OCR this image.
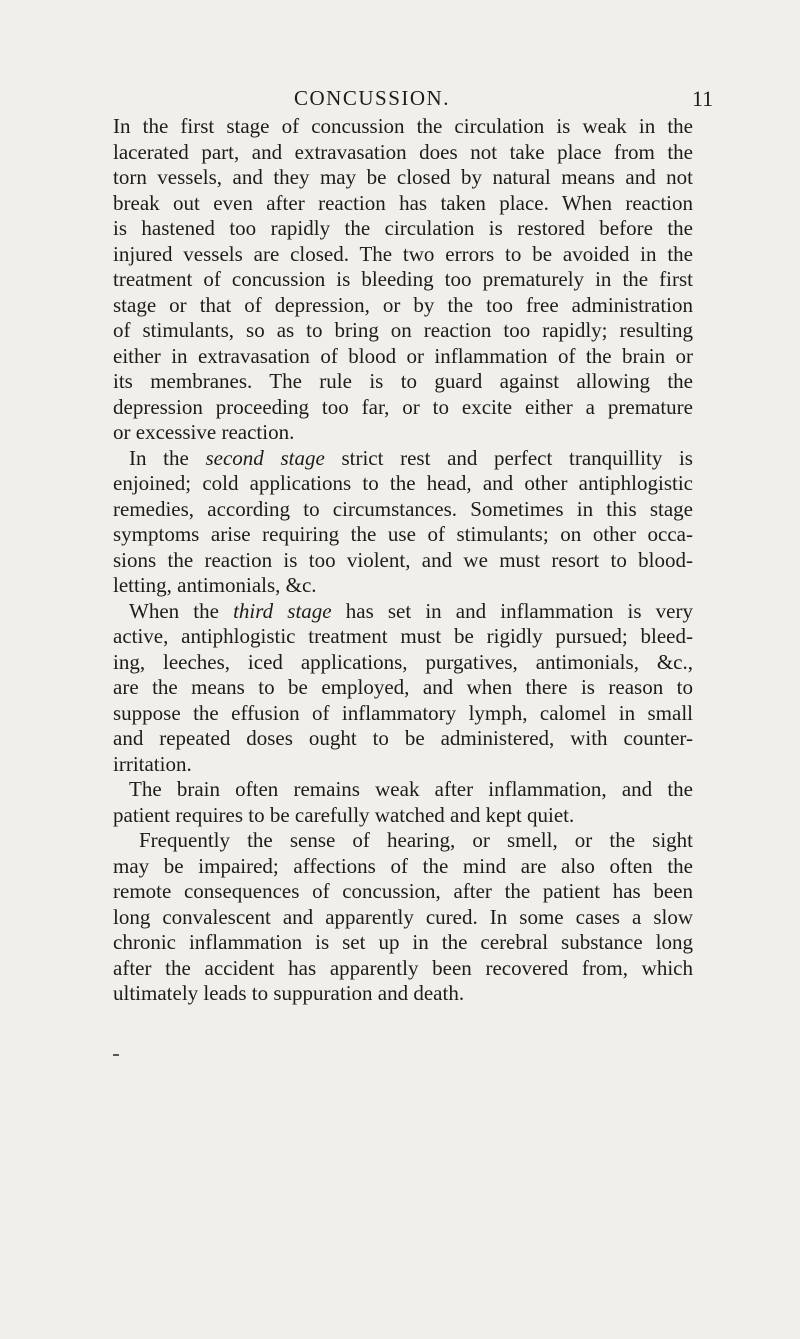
CONCUSSION.	11
In the first stage of concussion the circulation is weak in the
lacerated part, and extravasation does not take place from the
torn vessels, and they may be closed by natural means and not
break out even after reaction has taken place. When reaction
is hastened too rapidly the circulation is restored before the
injured vessels are closed. The two errors to be avoided in the
treatment of concussion is bleeding too prematurely in the first
stage or that of depression, or by the too free administration
of stimulants, so as to bring on reaction too rapidly; resulting
either in extravasation of blood or inflammation of the brain or
its membranes. The rule is to guard against allowing the
depression proceeding too far, or to excite either a premature
or excessive reaction.
In the second stage strict rest and perfect tranquillity is
enjoined; cold applications to the head, and other antiphlogistic
remedies, according to circumstances. Sometimes in this stage
symptoms arise requiring the use of stimulants; on other occa-
sions the reaction is too violent, and we must resort to blood-
letting, antimonials, &c.
When the third stage has set in and inflammation is very
active, antiphlogistic treatment must be rigidly pursued; bleed-
ing, leeches, iced applications, purgatives, antimonials, &c.,
are the means to be employed, and when there is reason to
suppose the effusion of inflammatory lymph, calomel in small
and repeated doses ought to be administered, with counter-
irritation.
The brain often remains weak after inflammation, and the
patient requires to be carefully watched and kept quiet.
Frequently the sense of hearing, or smell, or the sight
may be impaired; affections of the mind are also often the
remote consequences of concussion, after the patient has been
long convalescent and apparently cured. In some cases a slow
chronic inflammation is set up in the cerebral substance long
after the accident has apparently been recovered from, which
ultimately leads to suppuration and death.
